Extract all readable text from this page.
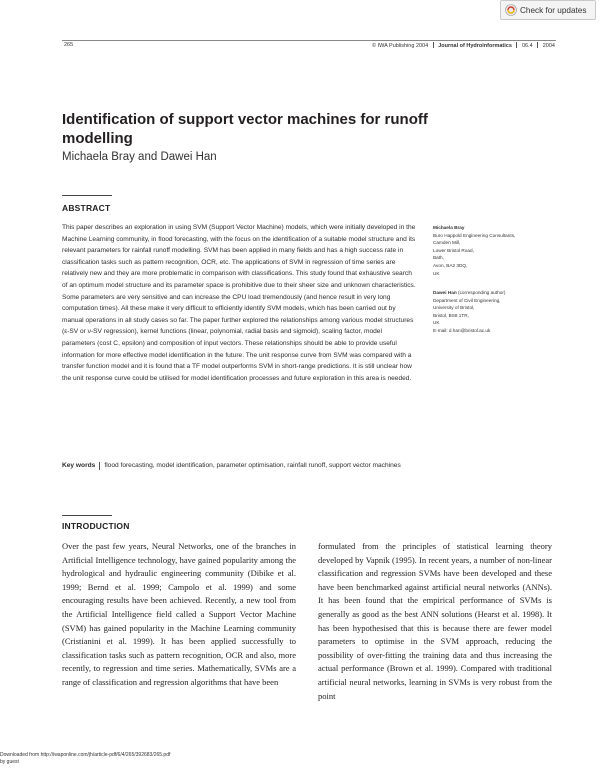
Check for updates
265	© IWA Publishing 2004 Journal of Hydroinformatics 06.4 2004
Identification of support vector machines for runoff modelling
Michaela Bray and Dawei Han
ABSTRACT
This paper describes an exploration in using SVM (Support Vector Machine) models, which were initially developed in the Machine Learning community, in flood forecasting, with the focus on the identification of a suitable model structure and its relevant parameters for rainfall runoff modelling. SVM has been applied in many fields and has a high success rate in classification tasks such as pattern recognition, OCR, etc. The applications of SVM in regression of time series are relatively new and they are more problematic in comparison with classifications. This study found that exhaustive search of an optimum model structure and its parameter space is prohibitive due to their sheer size and unknown characteristics. Some parameters are very sensitive and can increase the CPU load tremendously (and hence result in very long computation times). All these make it very difficult to efficiently identify SVM models, which has been carried out by manual operations in all study cases so far. The paper further explored the relationships among various model structures (ε-SV or ν-SV regression), kernel functions (linear, polynomial, radial basis and sigmoid), scaling factor, model parameters (cost C, epsilon) and composition of input vectors. These relationships should be able to provide useful information for more effective model identification in the future. The unit response curve from SVM was compared with a transfer function model and it is found that a TF model outperforms SVM in short-range predictions. It is still unclear how the unit response curve could be utilised for model identification processes and future exploration in this area is needed.
Key words flood forecasting, model identification, parameter optimisation, rainfall runoff, support vector machines
Michaela Bray
Buro Happold Engineering Consultants,
Camden Mill,
Lower Bristol Road,
Bath,
Avon, BA2 3DQ,
UK
Dawei Han (corresponding author)
Department of Civil Engineering,
University of Bristol,
Bristol, BS8 1TR,
UK
E-mail: d.han@bristol.ac.uk
INTRODUCTION
Over the past few years, Neural Networks, one of the branches in Artificial Intelligence technology, have gained popularity among the hydrological and hydraulic engineering community (Dibike et al. 1999; Bernd et al. 1999; Campolo et al. 1999) and some encouraging results have been achieved. Recently, a new tool from the Artificial Intelligence field called a Support Vector Machine (SVM) has gained popularity in the Machine Learning community (Cristianini et al. 1999). It has been applied successfully to classification tasks such as pattern recognition, OCR and also, more recently, to regression and time series. Mathematically, SVMs are a range of classification and regression algorithms that have been
formulated from the principles of statistical learning theory developed by Vapnik (1995). In recent years, a number of non-linear classification and regression SVMs have been developed and these have been benchmarked against artificial neural networks (ANNs). It has been found that the empirical performance of SVMs is generally as good as the best ANN solutions (Hearst et al. 1998). It has been hypothesised that this is because there are fewer model parameters to optimise in the SVM approach, reducing the possibility of over-fitting the training data and thus increasing the actual performance (Brown et al. 1999). Compared with traditional artificial neural networks, learning in SVMs is very robust from the point
Downloaded from http://iwaponline.com/jh/article-pdf/6/4/265/392683/265.pdf
by guest
